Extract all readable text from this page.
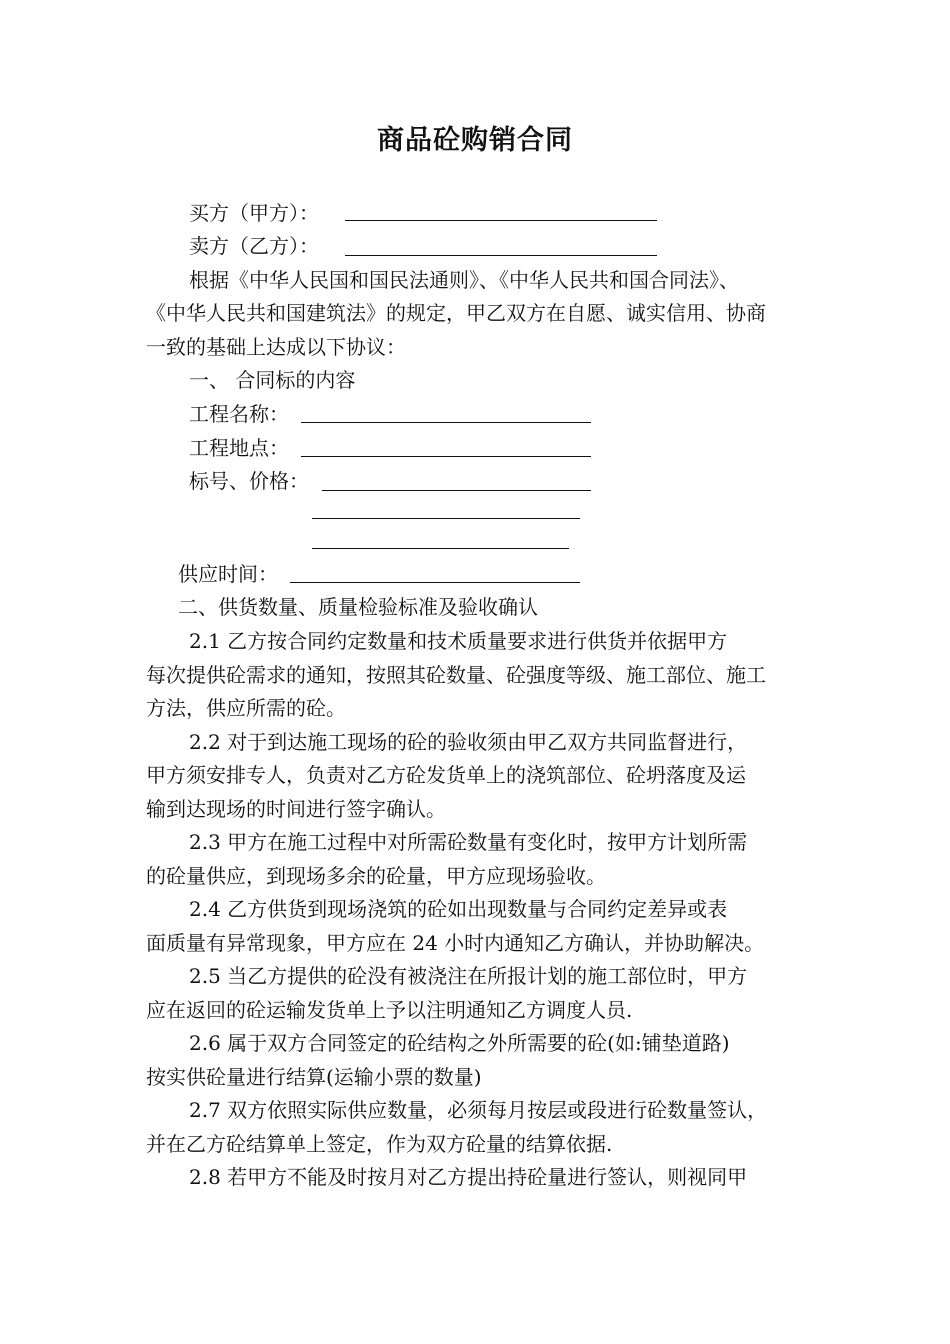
商品砼购销合同
买方（甲方）：
卖方（乙方）：
根据《中华人民国和国民法通则》、《中华人民共和国合同法》、
《中华人民共和国建筑法》的规定，甲乙双方在自愿、诚实信用、协商
一致的基础上达成以下协议：
一、 合同标的内容
工程名称：
工程地点：
标号、价格：
供应时间：
二、供货数量、质量检验标准及验收确认
2.1 乙方按合同约定数量和技术质量要求进行供货并依据甲方
每次提供砼需求的通知，按照其砼数量、砼强度等级、施工部位、施工
方法，供应所需的砼。
2.2 对于到达施工现场的砼的验收须由甲乙双方共同监督进行，
甲方须安排专人，负责对乙方砼发货单上的浇筑部位、砼坍落度及运
输到达现场的时间进行签字确认。
2.3 甲方在施工过程中对所需砼数量有变化时，按甲方计划所需
的砼量供应，到现场多余的砼量，甲方应现场验收。
2.4 乙方供货到现场浇筑的砼如出现数量与合同约定差异或表
面质量有异常现象，甲方应在 24 小时内通知乙方确认，并协助解决。
2.5 当乙方提供的砼没有被浇注在所报计划的施工部位时，甲方
应在返回的砼运输发货单上予以注明通知乙方调度人员.
2.6 属于双方合同签定的砼结构之外所需要的砼(如:铺垫道路)
按实供砼量进行结算(运输小票的数量)
2.7 双方依照实际供应数量，必须每月按层或段进行砼数量签认，
并在乙方砼结算单上签定，作为双方砼量的结算依据.
2.8 若甲方不能及时按月对乙方提出持砼量进行签认，则视同甲
